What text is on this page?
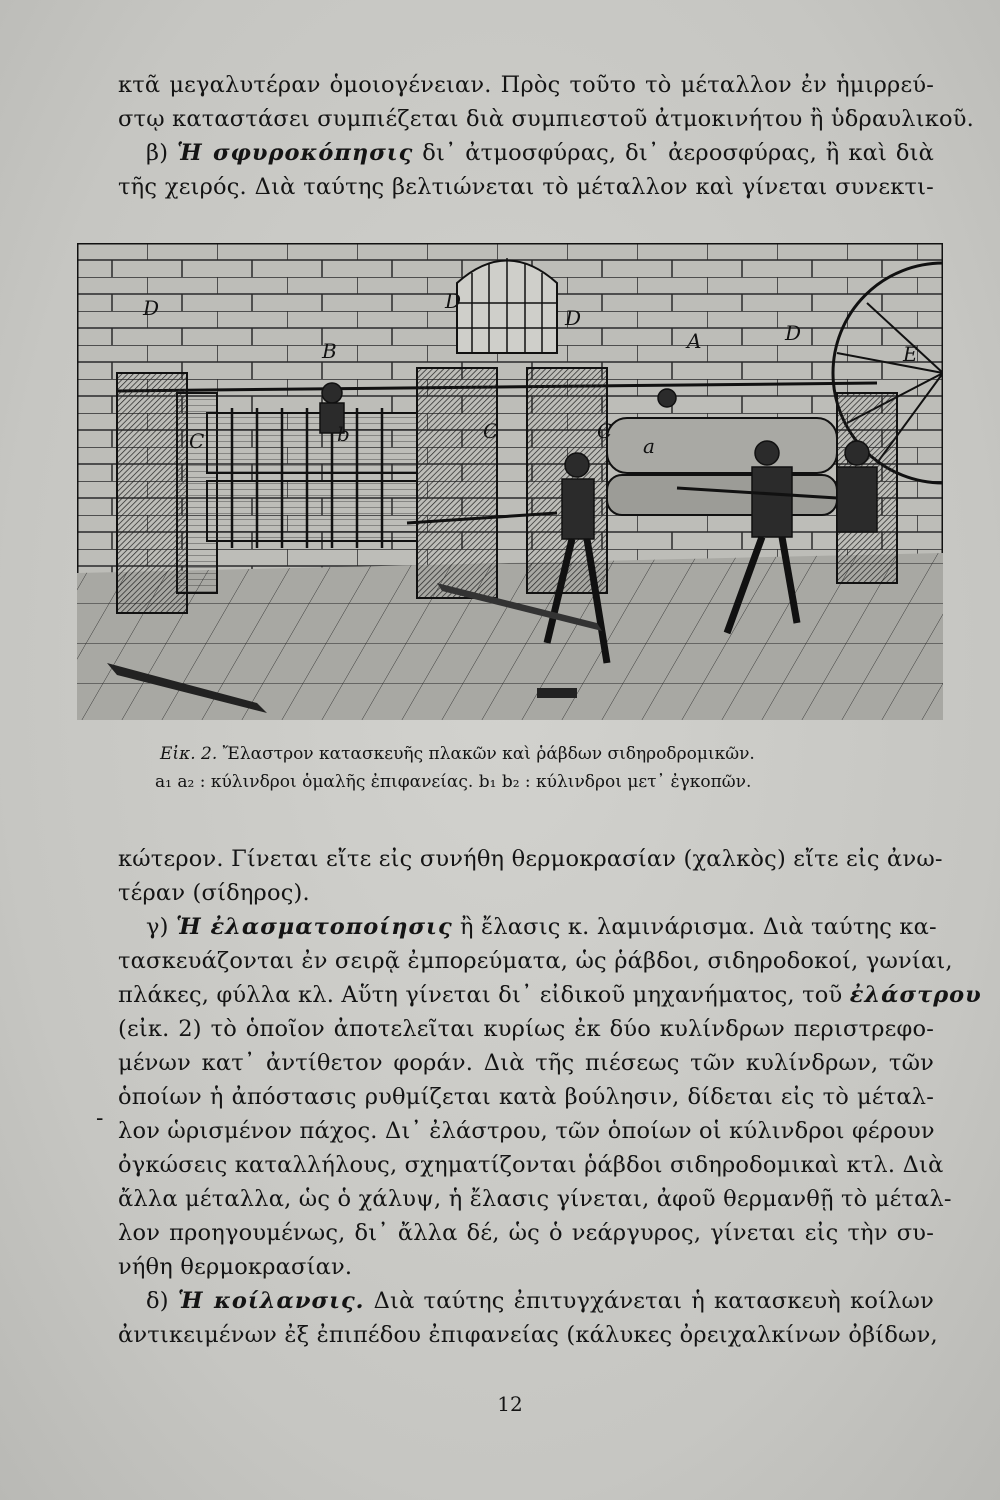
κτᾶ μεγαλυτέραν ὁμοιογένειαν. Πρὸς τοῦτο τὸ μέταλλον ἐν ἡμιρρεύ-
στῳ καταστάσει συμπιέζεται διὰ συμπιεστοῦ ἀτμοκινήτου ἢ ὑδραυλικοῦ.
β) Ἡ σφυροκόπησις δι᾿ ἀτμοσφύρας, δι᾿ ἀεροσφύρας, ἢ καὶ διὰ
τῆς χειρός. Διὰ ταύτης βελτιώνεται τὸ μέταλλον καὶ γίνεται συνεκτι-
D
B
D
D
A	D
E
C	C	C
a
b
Εἰκ. 2. Ἔλαστρον κατασκευῆς πλακῶν καὶ ῥάβδων σιδηροδρομικῶν.
a₁ a₂ : κύλινδροι ὁμαλῆς ἐπιφανείας. b₁ b₂ : κύλινδροι μετ᾿ ἐγκοπῶν.
κώτερον. Γίνεται εἴτε εἰς συνήθη θερμοκρασίαν (χαλκὸς) εἴτε εἰς ἀνω-
τέραν (σίδηρος).
γ) Ἡ ἐλασματοποίησις ἢ ἔλασις κ. λαμινάρισμα. Διὰ ταύτης κα-
τασκευάζονται ἐν σειρᾷ ἐμπορεύματα, ὡς ῥάβδοι, σιδηροδοκοί, γωνίαι,
πλάκες, φύλλα κλ. Αὕτη γίνεται δι᾿ εἰδικοῦ μηχανήματος, τοῦ ἐλάστρου
(εἰκ. 2) τὸ ὁποῖον ἀποτελεῖται κυρίως ἐκ δύο κυλίνδρων περιστρεφο-
μένων κατ᾿ ἀντίθετον φοράν. Διὰ τῆς πιέσεως τῶν κυλίνδρων, τῶν
ὁποίων ἡ ἀπόστασις ρυθμίζεται κατὰ βούλησιν, δίδεται εἰς τὸ μέταλ-
λον ὡρισμένον πάχος. Δι᾿ ἐλάστρου, τῶν ὁποίων οἱ κύλινδροι φέρουν
ὀγκώσεις καταλλήλους, σχηματίζονται ῥάβδοι σιδηροδομικαὶ κτλ. Διὰ
ἄλλα μέταλλα, ὡς ὁ χάλυψ, ἡ ἔλασις γίνεται, ἀφοῦ θερμανθῇ τὸ μέταλ-
λον προηγουμένως, δι᾿ ἄλλα δέ, ὡς ὁ νεάργυρος, γίνεται εἰς τὴν συ-
νήθη θερμοκρασίαν.
δ) Ἡ κοίλανσις. Διὰ ταύτης ἐπιτυγχάνεται ἡ κατασκευὴ κοίλων
ἀντικειμένων ἐξ ἐπιπέδου ἐπιφανείας (κάλυκες ὀρειχαλκίνων ὀβίδων,
-
12
